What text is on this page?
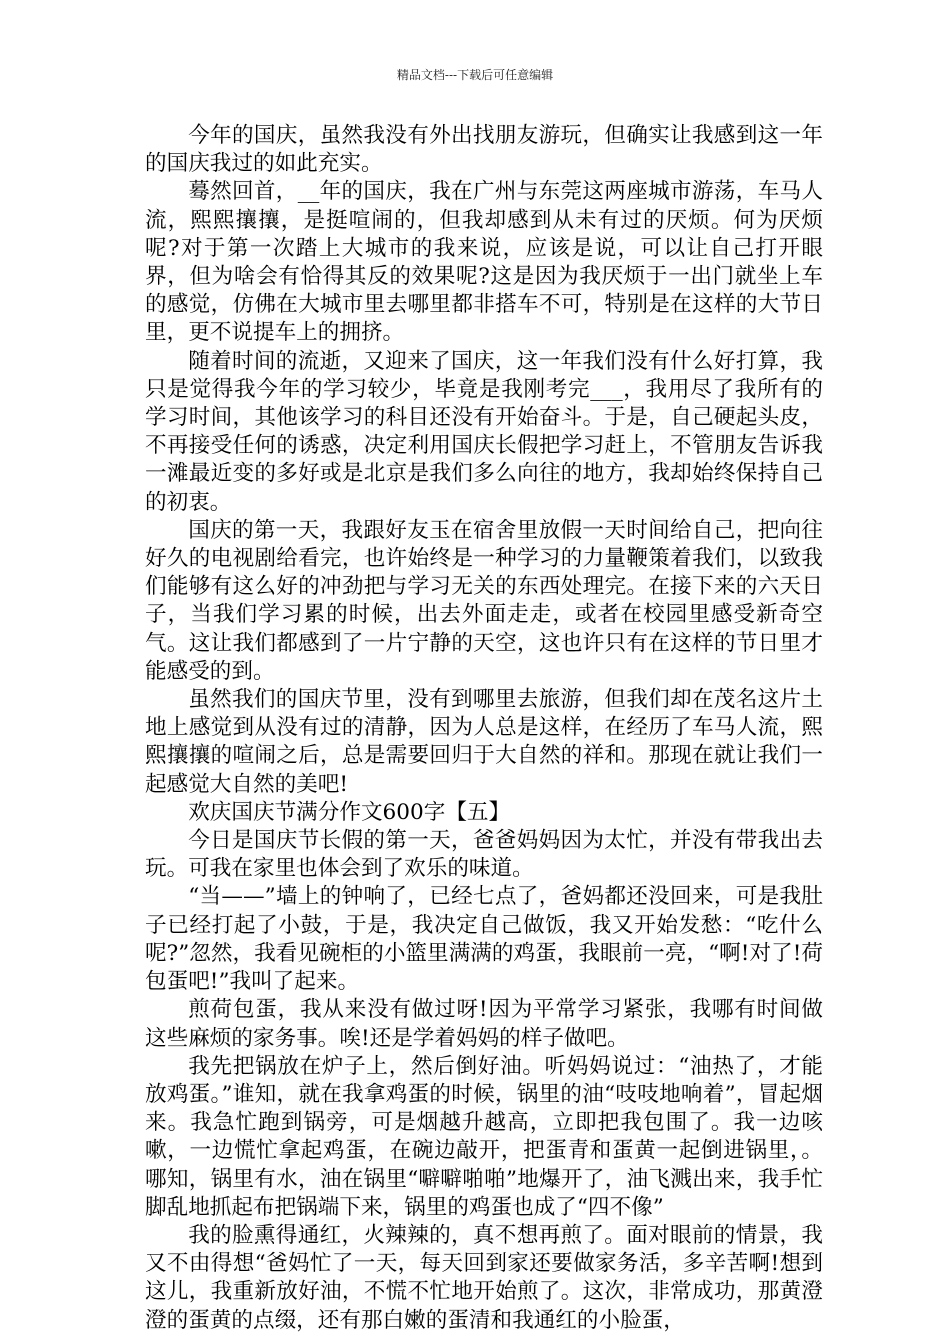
精品文档---下载后可任意编辑

今年的国庆，虽然我没有外出找朋友游玩，但确实让我感到这一年的国庆我过的如此充实。

蓦然回首，__年的国庆，我在广州与东莞这两座城市游荡，车马人流，熙熙攘攘，是挺喧闹的，但我却感到从未有过的厌烦。何为厌烦呢?对于第一次踏上大城市的我来说，应该是说，可以让自己打开眼界，但为啥会有恰得其反的效果呢?这是因为我厌烦于一出门就坐上车的感觉，仿佛在大城市里去哪里都非搭车不可，特别是在这样的大节日里，更不说提车上的拥挤。

随着时间的流逝，又迎来了国庆，这一年我们没有什么好打算，我只是觉得我今年的学习较少，毕竟是我刚考完___，我用尽了我所有的学习时间，其他该学习的科目还没有开始奋斗。于是，自己硬起头皮，不再接受任何的诱惑，决定利用国庆长假把学习赶上，不管朋友告诉我一滩最近变的多好或是北京是我们多么向往的地方，我却始终保持自己的初衷。

国庆的第一天，我跟好友玉在宿舍里放假一天时间给自己，把向往好久的电视剧给看完，也许始终是一种学习的力量鞭策着我们，以致我们能够有这么好的冲劲把与学习无关的东西处理完。在接下来的六天日子，当我们学习累的时候，出去外面走走，或者在校园里感受新奇空气。这让我们都感到了一片宁静的天空，这也许只有在这样的节日里才能感受的到。

虽然我们的国庆节里，没有到哪里去旅游，但我们却在茂名这片土地上感觉到从没有过的清静，因为人总是这样，在经历了车马人流，熙熙攘攘的喧闹之后，总是需要回归于大自然的祥和。那现在就让我们一起感觉大自然的美吧!

欢庆国庆节满分作文600字【五】

今日是国庆节长假的第一天，爸爸妈妈因为太忙，并没有带我出去玩。可我在家里也体会到了欢乐的味道。

“当——”墙上的钟响了，已经七点了，爸妈都还没回来，可是我肚子已经打起了小鼓，于是，我决定自己做饭，我又开始发愁：“吃什么呢?”忽然，我看见碗柜的小篮里满满的鸡蛋，我眼前一亮，“啊!对了!荷包蛋吧!”我叫了起来。

煎荷包蛋，我从来没有做过呀!因为平常学习紧张，我哪有时间做这些麻烦的家务事。唉!还是学着妈妈的样子做吧。

我先把锅放在炉子上，然后倒好油。听妈妈说过：“油热了，才能放鸡蛋。”谁知，就在我拿鸡蛋的时候，锅里的油“吱吱地响着”，冒起烟来。我急忙跑到锅旁，可是烟越升越高，立即把我包围了。我一边咳嗽，一边慌忙拿起鸡蛋，在碗边敲开，把蛋青和蛋黄一起倒进锅里，。哪知，锅里有水，油在锅里“噼噼啪啪”地爆开了，油飞溅出来，我手忙脚乱地抓起布把锅端下来，锅里的鸡蛋也成了“四不像”

我的脸熏得通红，火辣辣的，真不想再煎了。面对眼前的情景，我又不由得想“爸妈忙了一天，每天回到家还要做家务活，多辛苦啊!想到这儿，我重新放好油，不慌不忙地开始煎了。这次，非常成功，那黄澄澄的蛋黄的点缀，还有那白嫩的蛋清和我通红的小脸蛋，
